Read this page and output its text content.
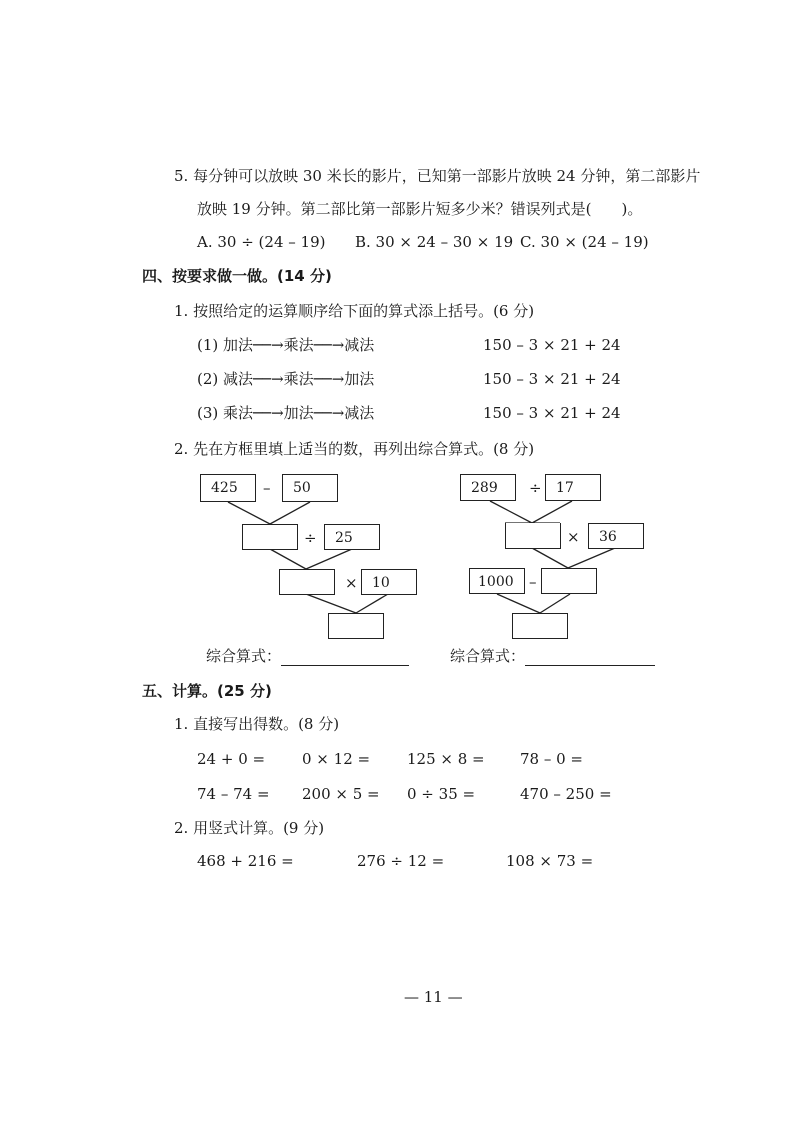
5. 每分钟可以放映 30 米长的影片，已知第一部影片放映 24 分钟，第二部影片
放映 19 分钟。第二部比第一部影片短多少米？错误列式是(　　)。
A. 30 ÷ (24 – 19) B. 30 × 24 – 30 × 19 C. 30 × (24 – 19)
四、按要求做一做。(14 分)
1. 按照给定的运算顺序给下面的算式添上括号。(6 分)
(1) 加法──→乘法──→减法	150 – 3 × 21 + 24
(2) 减法──→乘法──→加法	150 – 3 × 21 + 24
(3) 乘法──→加法──→减法	150 – 3 × 21 + 24
2. 先在方框里填上适当的数，再列出综合算式。(8 分)
425	–	50
÷	25
×	10
综合算式：
289	÷	17
×	36
1000	–
综合算式：
五、计算。(25 分)
1. 直接写出得数。(8 分)
24 + 0 = 0 × 12 = 125 × 8 = 78 – 0 =
74 – 74 = 200 × 5 = 0 ÷ 35 =	470 – 250 =
2. 用竖式计算。(9 分)
468 + 216 =	276 ÷ 12 =	108 × 73 =
— 11 —
